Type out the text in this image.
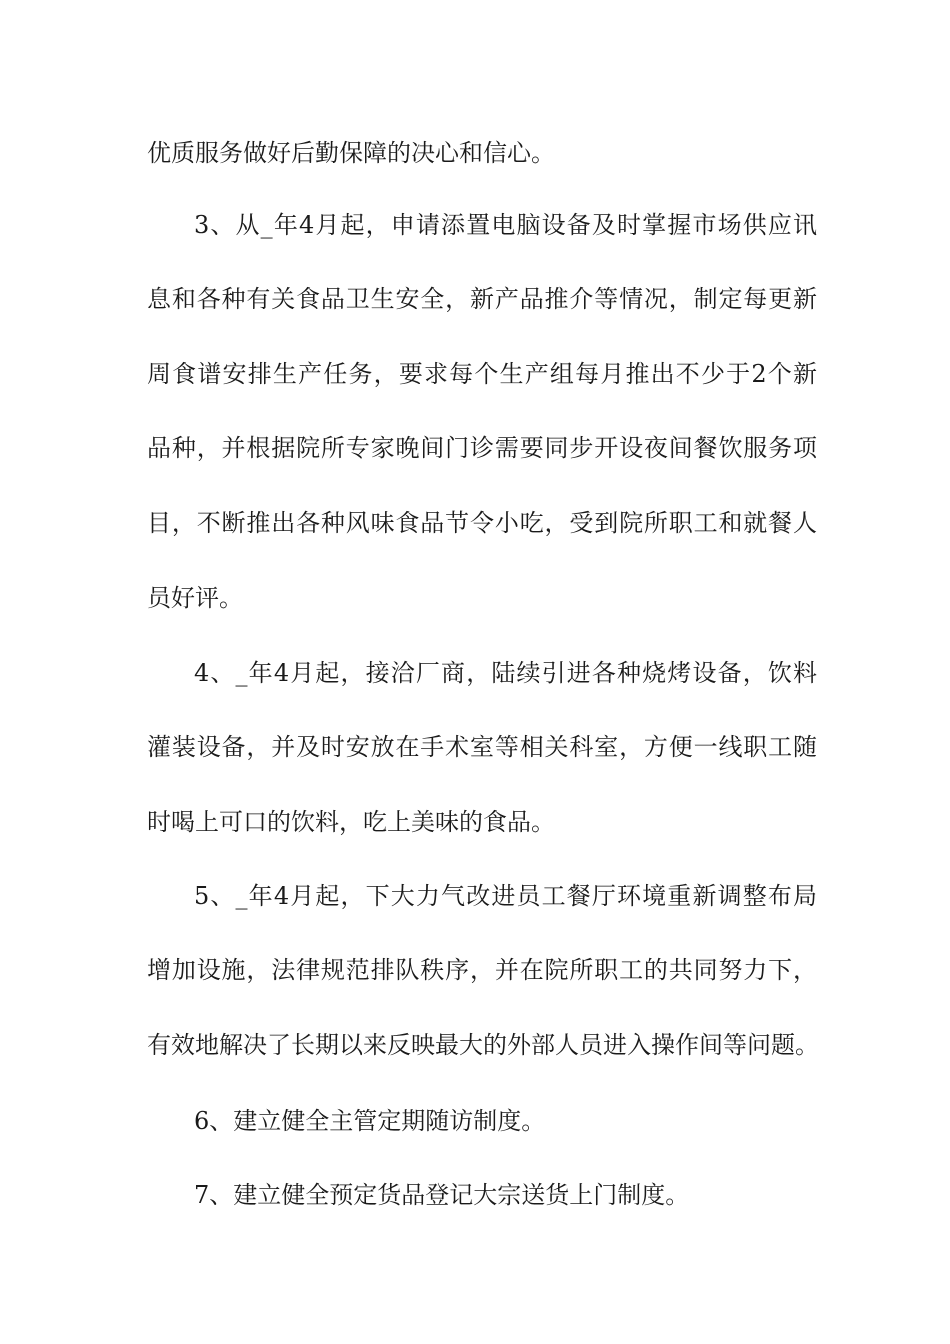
优质服务做好后勤保障的决心和信心。
3、从_年4月起，申请添置电脑设备及时掌握市场供应讯
息和各种有关食品卫生安全，新产品推介等情况，制定每更新
周食谱安排生产任务，要求每个生产组每月推出不少于2个新
品种，并根据院所专家晚间门诊需要同步开设夜间餐饮服务项
目，不断推出各种风味食品节令小吃，受到院所职工和就餐人
员好评。
4、_年4月起，接洽厂商，陆续引进各种烧烤设备，饮料
灌装设备，并及时安放在手术室等相关科室，方便一线职工随
时喝上可口的饮料，吃上美味的食品。
5、_年4月起，下大力气改进员工餐厅环境重新调整布局
增加设施，法律规范排队秩序，并在院所职工的共同努力下，
有效地解决了长期以来反映最大的外部人员进入操作间等问题。
6、建立健全主管定期随访制度。
7、建立健全预定货品登记大宗送货上门制度。
